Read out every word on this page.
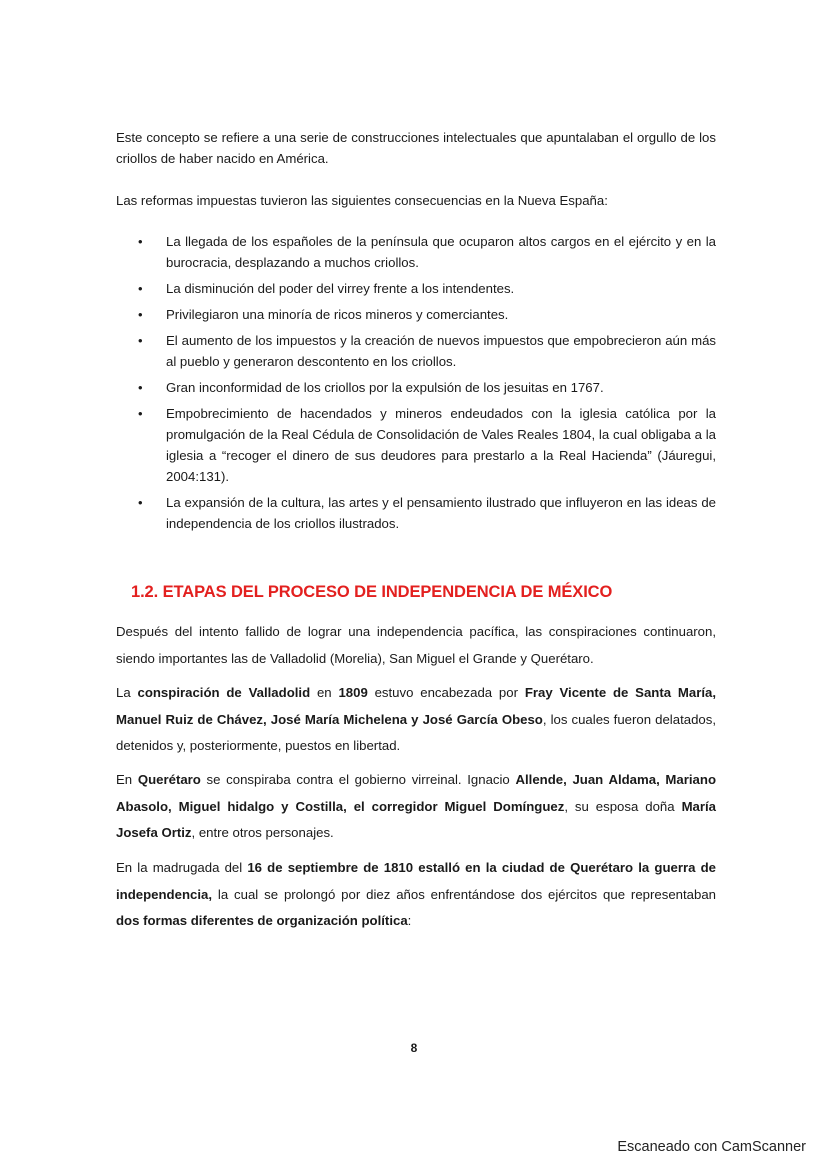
Este concepto se refiere a una serie de construcciones intelectuales que apuntalaban el orgullo de los criollos de haber nacido en América.

Las reformas impuestas tuvieron las siguientes consecuencias en la Nueva España:

• La llegada de los españoles de la península que ocuparon altos cargos en el ejército y en la burocracia, desplazando a muchos criollos.
• La disminución del poder del virrey frente a los intendentes.
• Privilegiaron una minoría de ricos mineros y comerciantes.
• El aumento de los impuestos y la creación de nuevos impuestos que empobrecieron aún más al pueblo y generaron descontento en los criollos.
• Gran inconformidad de los criollos por la expulsión de los jesuitas en 1767.
• Empobrecimiento de hacendados y mineros endeudados con la iglesia católica por la promulgación de la Real Cédula de Consolidación de Vales Reales 1804, la cual obligaba a la iglesia a “recoger el dinero de sus deudores para prestarlo a la Real Hacienda” (Jáuregui, 2004:131).
• La expansión de la cultura, las artes y el pensamiento ilustrado que influyeron en las ideas de independencia de los criollos ilustrados.
1.2. ETAPAS DEL PROCESO DE INDEPENDENCIA DE MÉXICO

Después del intento fallido de lograr una independencia pacífica, las conspiraciones continuaron, siendo importantes las de Valladolid (Morelia), San Miguel el Grande y Querétaro.

La conspiración de Valladolid en 1809 estuvo encabezada por Fray Vicente de Santa María, Manuel Ruiz de Chávez, José María Michelena y José García Obeso, los cuales fueron delatados, detenidos y, posteriormente, puestos en libertad.

En Querétaro se conspiraba contra el gobierno virreinal. Ignacio Allende, Juan Aldama, Mariano Abasolo, Miguel hidalgo y Costilla, el corregidor Miguel Domínguez, su esposa doña María Josefa Ortiz, entre otros personajes.

En la madrugada del 16 de septiembre de 1810 estalló en la ciudad de Querétaro la guerra de independencia, la cual se prolongó por diez años enfrentándose dos ejércitos que representaban dos formas diferentes de organización política:

8
Escaneado con CamScanner
